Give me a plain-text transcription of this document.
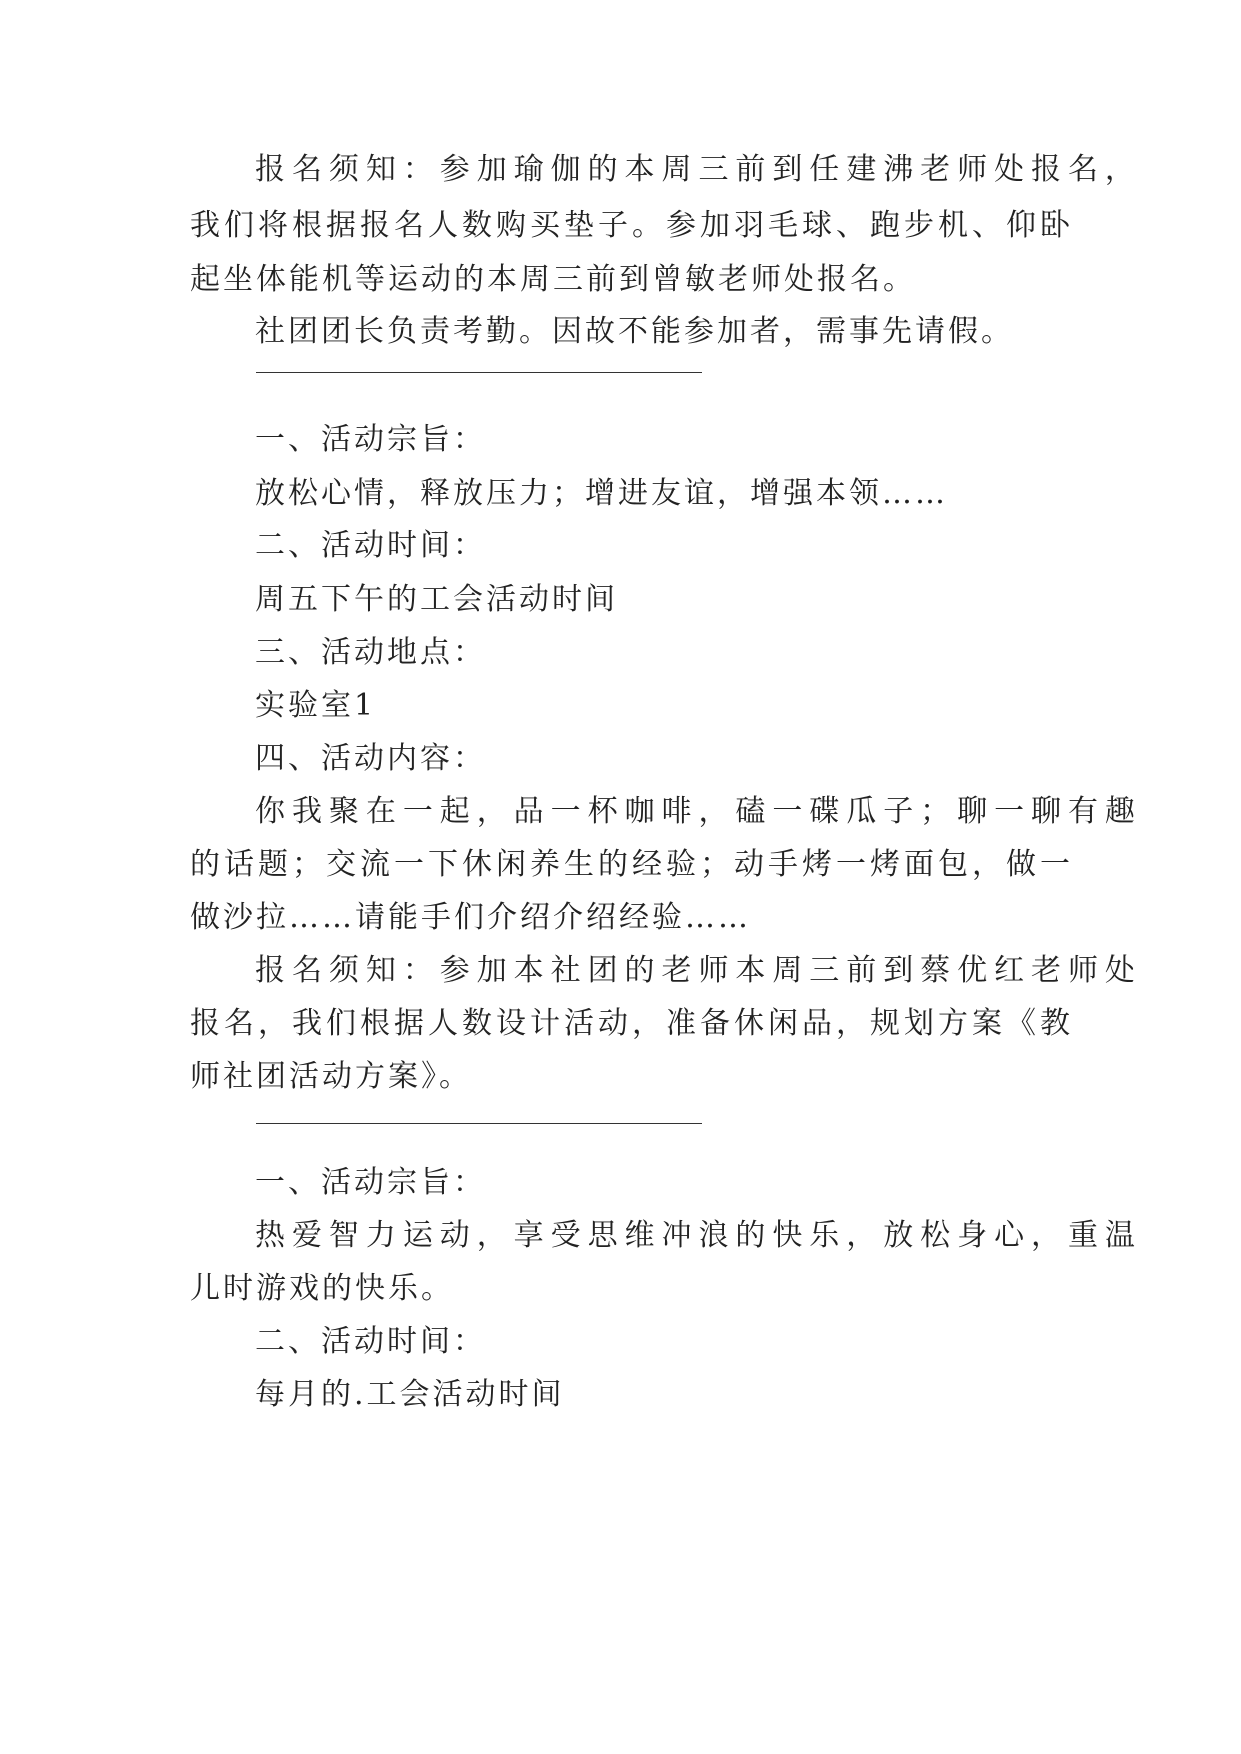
报 名 须 知 ： 参 加 瑜 伽 的 本 周 三 前 到 任 建 沸 老 师 处 报 名 ，
我 们 将 根 据 报 名 人 数 购 买 垫 子 。 参 加 羽 毛 球 、 跑 步 机 、 仰 卧
起坐体能机等运动的本周三前到曾敏老师处报名。
社团团长负责考勤。因故不能参加者，需事先请假。
一、活动宗旨：
放松心情，释放压力；增进友谊，增强本领……
二、活动时间：
周五下午的工会活动时间
三、活动地点：
实验室1
四、活动内容：
你 我 聚 在 一 起 ， 品 一 杯 咖 啡 ， 磕 一 碟 瓜 子 ； 聊 一 聊 有 趣
的 话 题 ； 交 流 一 下 休 闲 养 生 的 经 验 ； 动 手 烤 一 烤 面 包 ， 做 一
做沙拉……请能手们介绍介绍经验……
报 名 须 知 ： 参 加 本 社 团 的 老 师 本 周 三 前 到 蔡 优 红 老 师 处
报 名 ， 我 们 根 据 人 数 设 计 活 动 ， 准 备 休 闲 品 ， 规 划 方 案 《 教
师社团活动方案》。
一、活动宗旨：
热 爱 智 力 运 动 ， 享 受 思 维 冲 浪 的 快 乐 ， 放 松 身 心 ， 重 温
儿时游戏的快乐。
二、活动时间：
每月的.工会活动时间
